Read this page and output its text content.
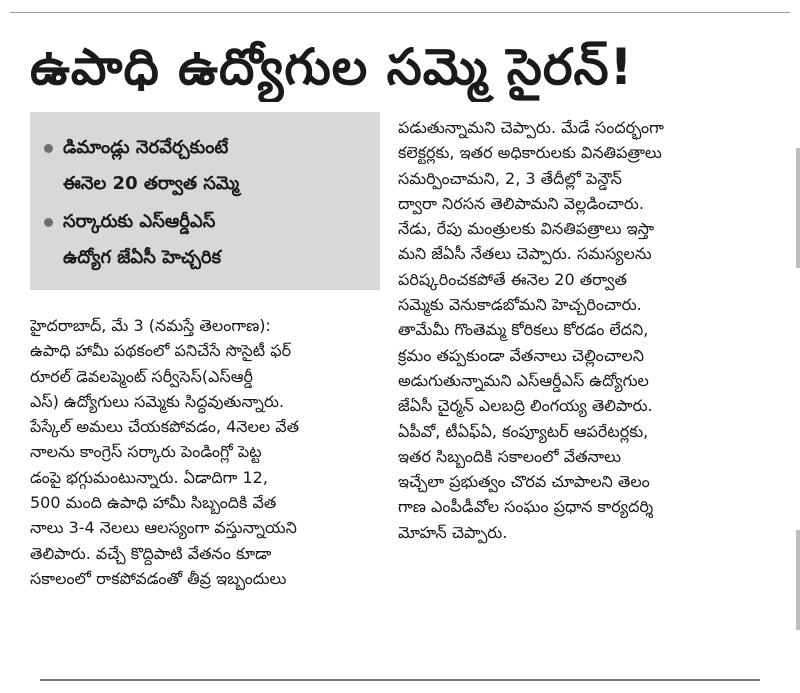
ఉపాధి ఉద్యోగుల సమ్మె సైరన్!
డిమాండ్లు నెరవేర్చకుంటే
ఈనెల 20 తర్వాత సమ్మె
సర్కారుకు ఎస్ఆర్డీఎస్
ఉద్యోగ జేఏసీ హెచ్చరిక

హైదరాబాద్, మే 3 (నమస్తే తెలంగాణ):

ఉపాధి హామీ పథకంలో పనిచేసే సొసైటీ ఫర్

రూరల్ డెవలప్మెంట్ సర్వీసెస్(ఎస్ఆర్డీ

ఎస్) ఉద్యోగులు సమ్మెకు సిద్ధవుతున్నారు.

పేస్కేల్ అమలు చేయకపోవడం, 4నెలల వేత

నాలను కాంగ్రెస్ సర్కారు పెండింగ్లో పెట్ట

డంపై భగ్గుమంటున్నారు. ఏడాదిగా 12,

500 మంది ఉపాధి హామీ సిబ్బందికి వేత

నాలు 3-4 నెలలు ఆలస్యంగా వస్తున్నాయని

తెలిపారు. వచ్చే కొద్దిపాటి వేతనం కూడా

సకాలంలో రాకపోవడంతో తీవ్ర ఇబ్బందులు

పడుతున్నామని చెప్పారు. మేడే సందర్భంగా

కలెక్టర్లకు, ఇతర అధికారులకు వినతిపత్రాలు

సమర్పించామని, 2, 3 తేదీల్లో పెన్డౌన్

ద్వారా నిరసన తెలిపామని వెల్లడించారు.

నేడు, రేపు మంత్రులకు వినతిపత్రాలు ఇస్తా

మని జేఏసీ నేతలు చెప్పారు. సమస్యలను

పరిష్కరించకపోతే ఈనెల 20 తర్వాత

సమ్మెకు వెనుకాడబోమని హెచ్చరించారు.

తామేమీ గొంతెమ్మ కోరికలు కోరడం లేదని,

క్రమం తప్పకుండా వేతనాలు చెల్లించాలని

అడుగుతున్నామని ఎస్ఆర్డీఎస్ ఉద్యోగుల

జేఏసీ చైర్మన్ ఎలబద్రి లింగయ్య తెలిపారు.

ఏపీవో, టీఏఫ్ఏ, కంప్యూటర్ ఆపరేటర్లకు,

ఇతర సిబ్బందికి సకాలంలో వేతనాలు

ఇచ్చేలా ప్రభుత్వం చొరవ చూపాలని తెలం

గాణ ఎంపీడీవోల సంఘం ప్రధాన కార్యదర్శి

మోహన్ చెప్పారు.
